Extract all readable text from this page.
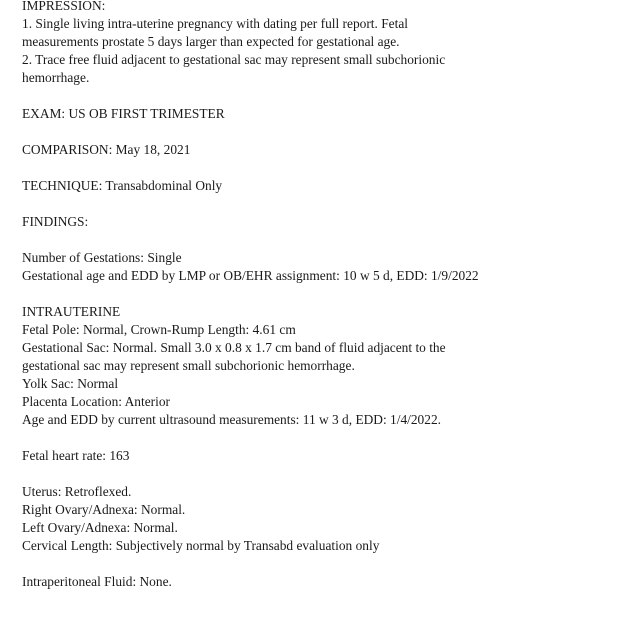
IMPRESSION:
1. Single living intra-uterine pregnancy with dating per full report. Fetal
measurements prostate 5 days larger than expected for gestational age.
2. Trace free fluid adjacent to gestational sac may represent small subchorionic
hemorrhage.
EXAM: US OB FIRST TRIMESTER
COMPARISON: May 18, 2021
TECHNIQUE: Transabdominal Only
FINDINGS:
Number of Gestations: Single
Gestational age and EDD by LMP or OB/EHR assignment: 10 w 5 d, EDD: 1/9/2022
INTRAUTERINE
Fetal Pole: Normal, Crown-Rump Length: 4.61 cm
Gestational Sac: Normal. Small 3.0 x 0.8 x 1.7 cm band of fluid adjacent to the
gestational sac may represent small subchorionic hemorrhage.
Yolk Sac: Normal
Placenta Location: Anterior
Age and EDD by current ultrasound measurements: 11 w 3 d, EDD: 1/4/2022.
Fetal heart rate: 163
Uterus: Retroflexed.
Right Ovary/Adnexa: Normal.
Left Ovary/Adnexa: Normal.
Cervical Length: Subjectively normal by Transabd evaluation only
Intraperitoneal Fluid: None.
